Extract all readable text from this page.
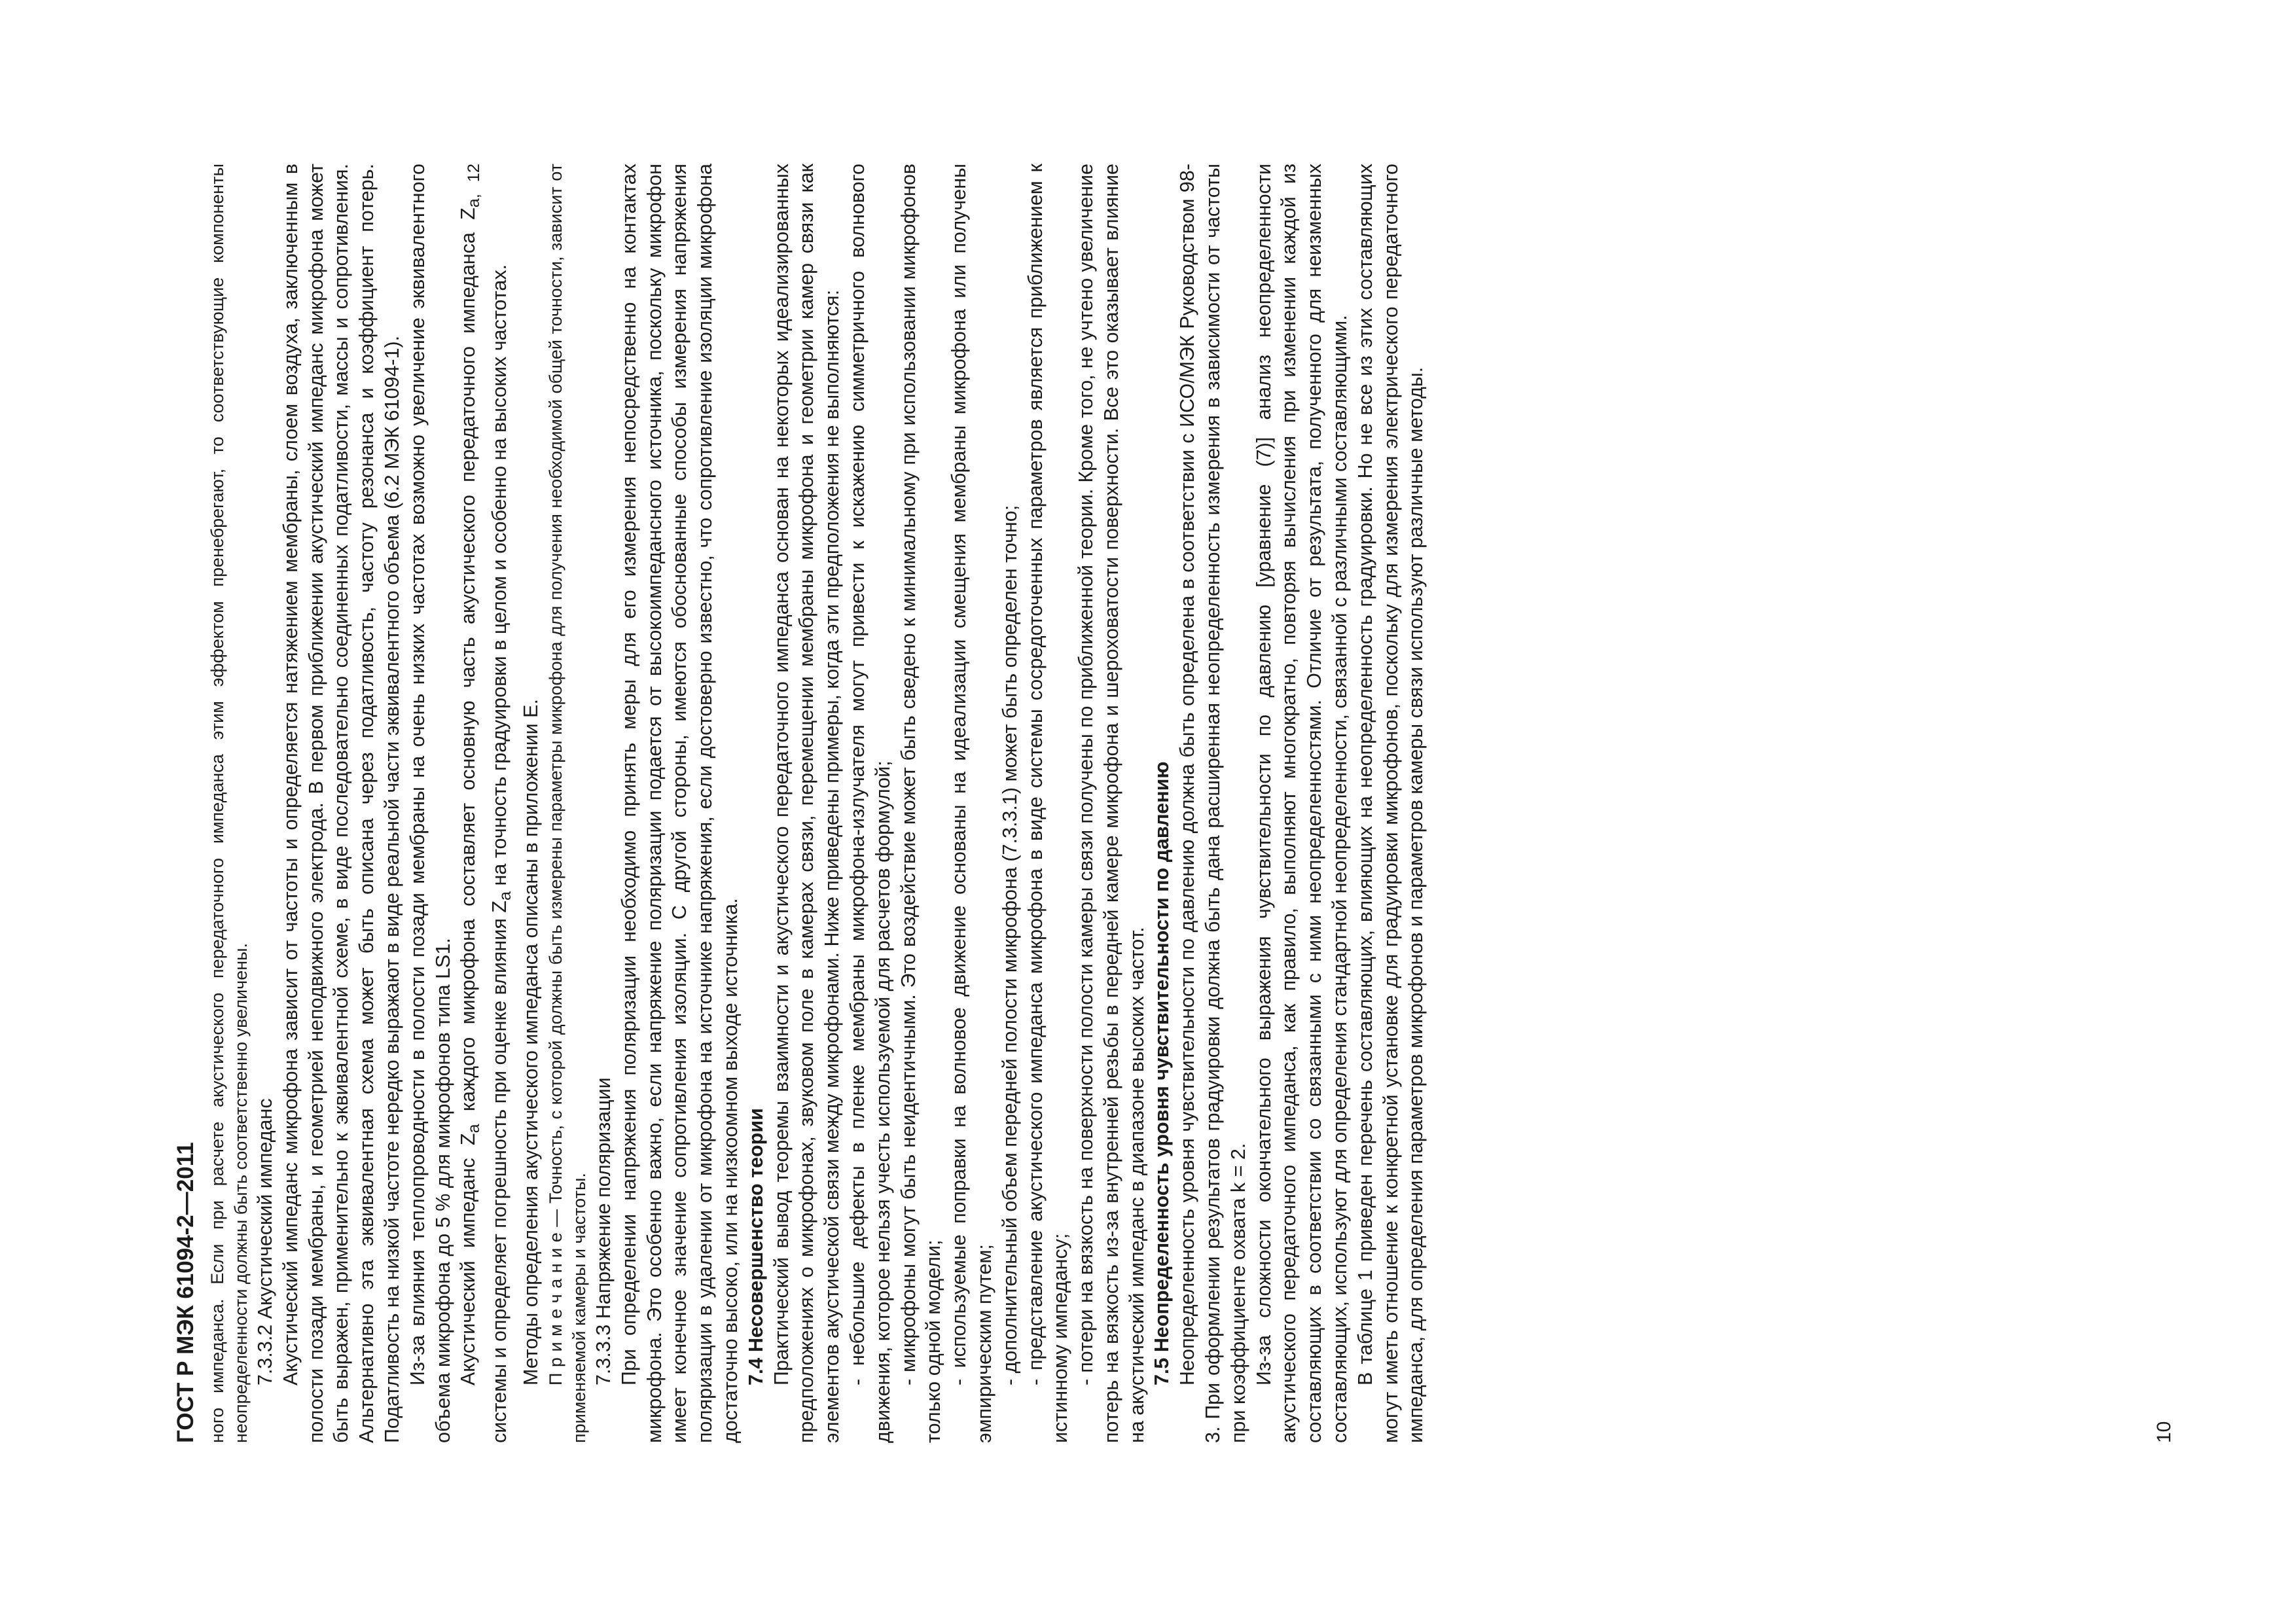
ГОСТ Р МЭК 61094-2—2011 ного импеданса. Если при расчете акустического передаточного импеданса этим эффектом пренебрегают, то соответствующие компоненты неопределенности должны быть соответственно увеличены. 7.3.3.2 Акустический импеданс Акустический импеданс микрофона зависит от частоты и определяется натяжением мембраны, слоем воздуха, заключенным в полости позади мембраны, и геометрией неподвижного электрода. В первом приближении акустический импеданс микрофона может быть выражен, применительно к эквивалентной схеме, в виде последовательно соединенных податливости, массы и сопротивления. Альтернативно эта эквивалентная схема может быть описана через податливость, частоту резонанса и коэффициент потерь. Податливость на низкой частоте нередко выражают в виде реальной части эквивалентного объема (6.2 МЭК 61094-1). Из-за влияния теплопроводности в полости позади мембраны на очень низких частотах возможно увеличение эквивалентного объема микрофона до 5 % для микрофонов типа LS1. Акустический импеданс $Z_a$ каждого микрофона составляет основную часть акустического передаточного импеданса $Z_{a, 12}$ системы и определяет погрешность при оценке влияния $Z_a$ на точность градуировки в целом и особенно на высоких частотах.

Методы определения акустического импеданса описаны в приложении Е. П р и м е ч а н и е — Точность, с которой должны быть измерены параметры микрофона для получения необходимой общей точности, зависит от применяемой камеры и частоты. 7.3.3.3 Напряжение поляризации При определении напряжения поляризации необходимо принять меры для его измерения непосредственно на контактах микрофона. Это особенно важно, если напряжение поляризации подается от высокоимпедансного источника, поскольку микрофон имеет конечное значение сопротивления изоляции. С другой стороны, имеются обоснованные способы измерения напряжения поляризации в удалении от микрофона на источнике напряжения, если достоверно известно, что сопротивление изоляции микрофона достаточно высоко, или на низкоомном выходе источника. 7.4 Несовершенство теории Практический вывод теоремы взаимности и акустического передаточного импеданса основан на некоторых идеализированных предположениях о микрофонах, звуковом поле в камерах связи, перемещении мембраны микрофона и геометрии камер связи как элементов акустической связи между микрофонами. Ниже приведены примеры, когда эти предположения не выполняются: - небольшие дефекты в пленке мембраны микрофона-излучателя могут привести к искажению симметричного волнового движения, которое нельзя учесть используемой для расчетов формулой; - микрофоны могут быть неидентичными. Это воздействие может быть сведено к минимальному при использовании микрофонов только одной модели; - используемые поправки на волновое движение основаны на идеализации смещения мембраны микрофона или получены эмпирическим путем; - дополнительный объем передней полости микрофона (7.3.3.1) может быть определен точно; - представление акустического импеданса микрофона в виде системы сосредоточенных параметров является приближением к истинному импедансу; - потери на вязкость на поверхности полости камеры связи получены по приближенной теории. Кроме того, не учтено увеличение потерь на вязкость из-за внутренней резьбы в передней камере микрофона и шероховатости поверхности. Все это оказывает влияние на акустический импеданс в диапазоне высоких частот. 7.5 Неопределенность уровня чувствительности по давлению Неопределенность уровня чувствительности по давлению должна быть определена в соответствии с ИСО/МЭК Руководством 98-3. При оформлении результатов градуировки должна быть дана расширенная неопределенность измерения в зависимости от частоты при коэффициенте охвата k = 2. Из-за сложности окончательного выражения чувствительности по давлению [уравнение (7)] анализ неопределенности акустического передаточного импеданса, как правило, выполняют многократно, повторяя вычисления при изменении каждой из составляющих в соответствии со связанными с ними неопределенностями. Отличие от результата, полученного для неизменных составляющих, используют для определения стандартной неопределенности, связанной с различными составляющими. В таблице 1 приведен перечень составляющих, влияющих на неопределенность градуировки. Но не все из этих составляющих могут иметь отношение к конкретной установке для градуировки микрофонов, поскольку для измерения электрического передаточного импеданса, для определения параметров микрофонов и параметров камеры связи используют различные методы.	10
